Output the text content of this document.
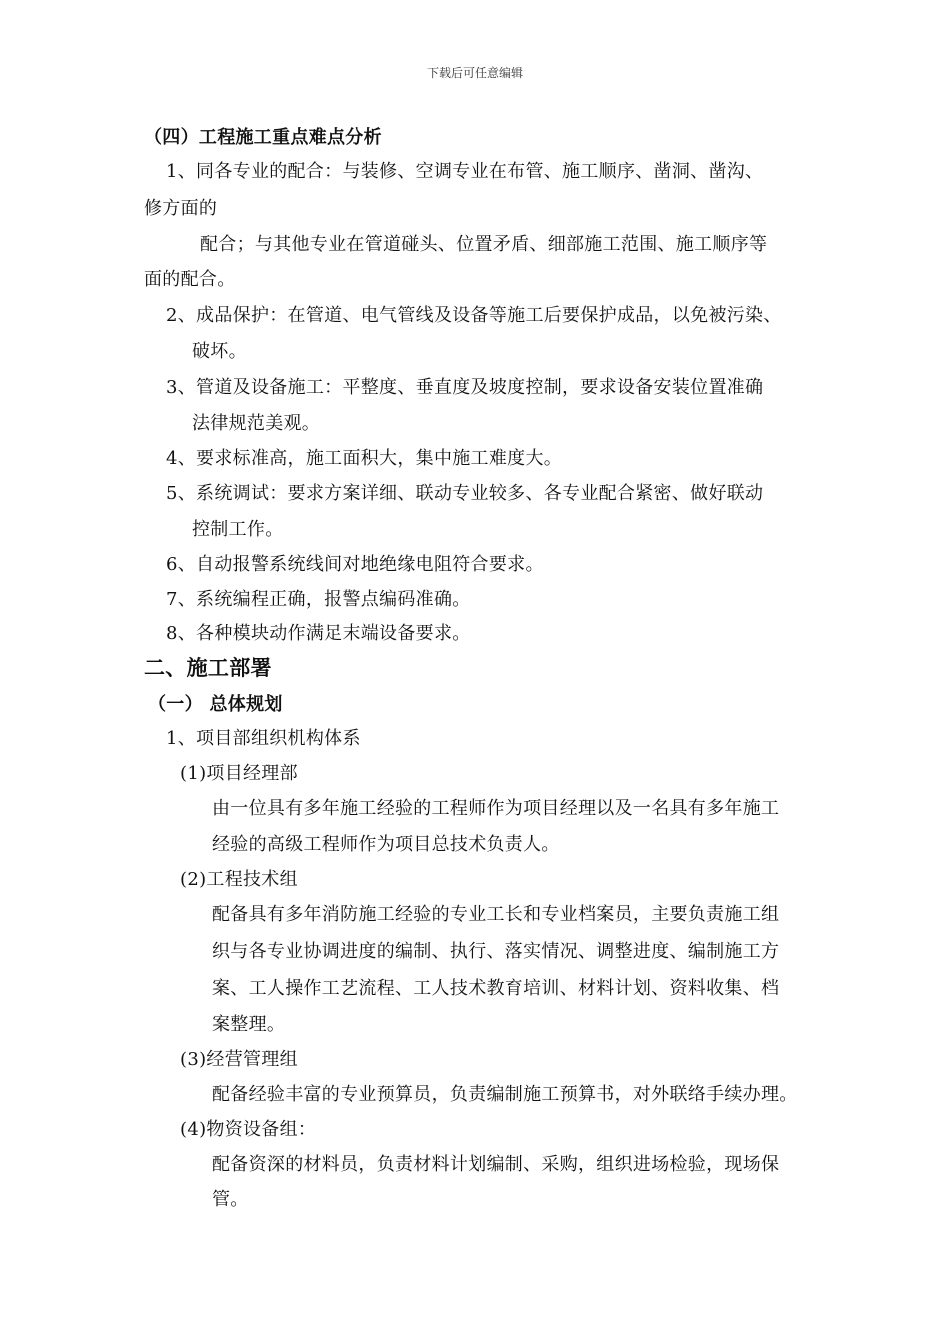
下载后可任意编辑
（四）工程施工重点难点分析
1、同各专业的配合：与装修、空调专业在布管、施工顺序、凿洞、凿沟、
修方面的
配合；与其他专业在管道碰头、位置矛盾、细部施工范围、施工顺序等
面的配合。
2、成品保护：在管道、电气管线及设备等施工后要保护成品，以免被污染、
破坏。
3、管道及设备施工：平整度、垂直度及坡度控制，要求设备安装位置准确
法律规范美观。
4、要求标准高，施工面积大，集中施工难度大。
5、系统调试：要求方案详细、联动专业较多、各专业配合紧密、做好联动
控制工作。
6、自动报警系统线间对地绝缘电阻符合要求。
7、系统编程正确，报警点编码准确。
8、各种模块动作满足末端设备要求。
二、施工部署
（一） 总体规划
1、项目部组织机构体系
(1)项目经理部
由一位具有多年施工经验的工程师作为项目经理以及一名具有多年施工
经验的高级工程师作为项目总技术负责人。
(2)工程技术组
配备具有多年消防施工经验的专业工长和专业档案员，主要负责施工组
织与各专业协调进度的编制、执行、落实情况、调整进度、编制施工方
案、工人操作工艺流程、工人技术教育培训、材料计划、资料收集、档
案整理。
(3)经营管理组
配备经验丰富的专业预算员，负责编制施工预算书，对外联络手续办理。
(4)物资设备组：
配备资深的材料员，负责材料计划编制、采购，组织进场检验，现场保
管。
